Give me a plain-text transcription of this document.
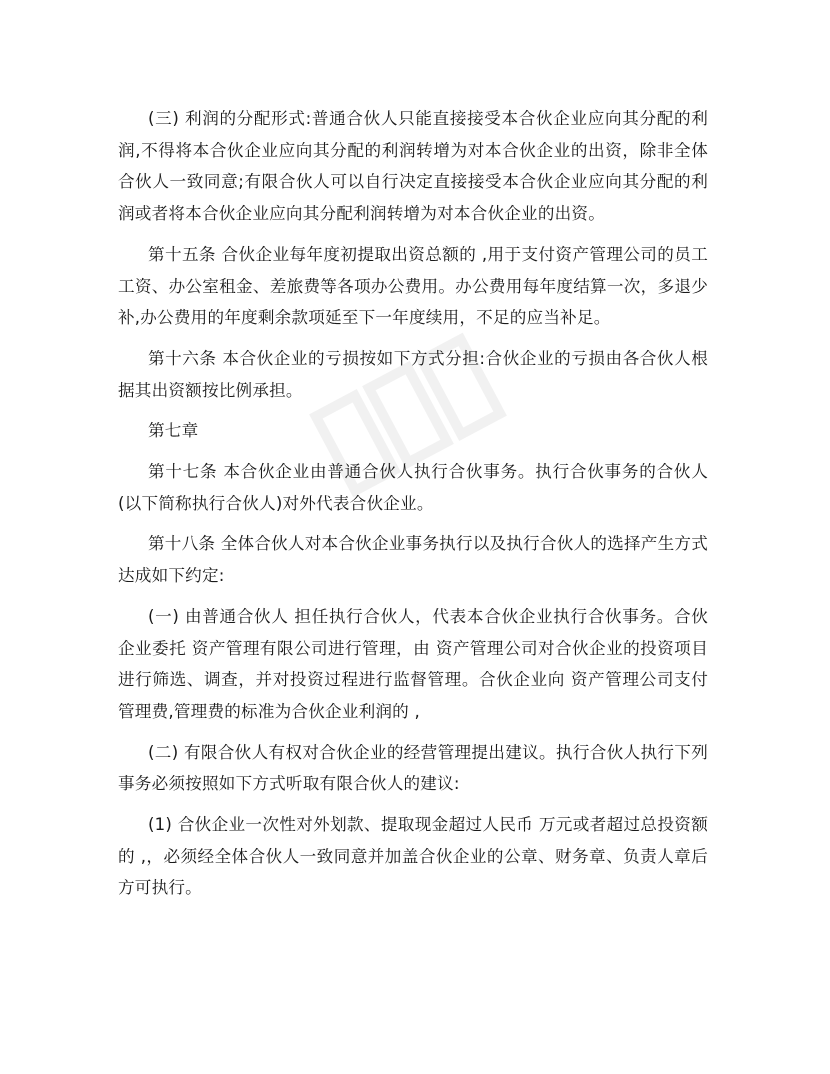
(三) 利润的分配形式:普通合伙人只能直接接受本合伙企业应向其分配的利润,不得将本合伙企业应向其分配的利润转增为对本合伙企业的出资，除非全体合伙人一致同意;有限合伙人可以自行决定直接接受本合伙企业应向其分配的利润或者将本合伙企业应向其分配利润转增为对本合伙企业的出资。

第十五条 合伙企业每年度初提取出资总额的 ,用于支付资产管理公司的员工工资、办公室租金、差旅费等各项办公费用。办公费用每年度结算一次，多退少补,办公费用的年度剩余款项延至下一年度续用，不足的应当补足。

第十六条 本合伙企业的亏损按如下方式分担:合伙企业的亏损由各合伙人根据其出资额按比例承担。

第七章

第十七条 本合伙企业由普通合伙人执行合伙事务。执行合伙事务的合伙人(以下简称执行合伙人)对外代表合伙企业。

第十八条 全体合伙人对本合伙企业事务执行以及执行合伙人的选择产生方式达成如下约定:

(一) 由普通合伙人 担任执行合伙人，代表本合伙企业执行合伙事务。合伙企业委托 资产管理有限公司进行管理，由 资产管理公司对合伙企业的投资项目进行筛选、调查，并对投资过程进行监督管理。合伙企业向 资产管理公司支付管理费,管理费的标准为合伙企业利润的 ,

(二) 有限合伙人有权对合伙企业的经营管理提出建议。执行合伙人执行下列事务必须按照如下方式听取有限合伙人的建议:

(1) 合伙企业一次性对外划款、提取现金超过人民币 万元或者超过总投资额的 ,，必须经全体合伙人一致同意并加盖合伙企业的公章、财务章、负责人章后方可执行。
